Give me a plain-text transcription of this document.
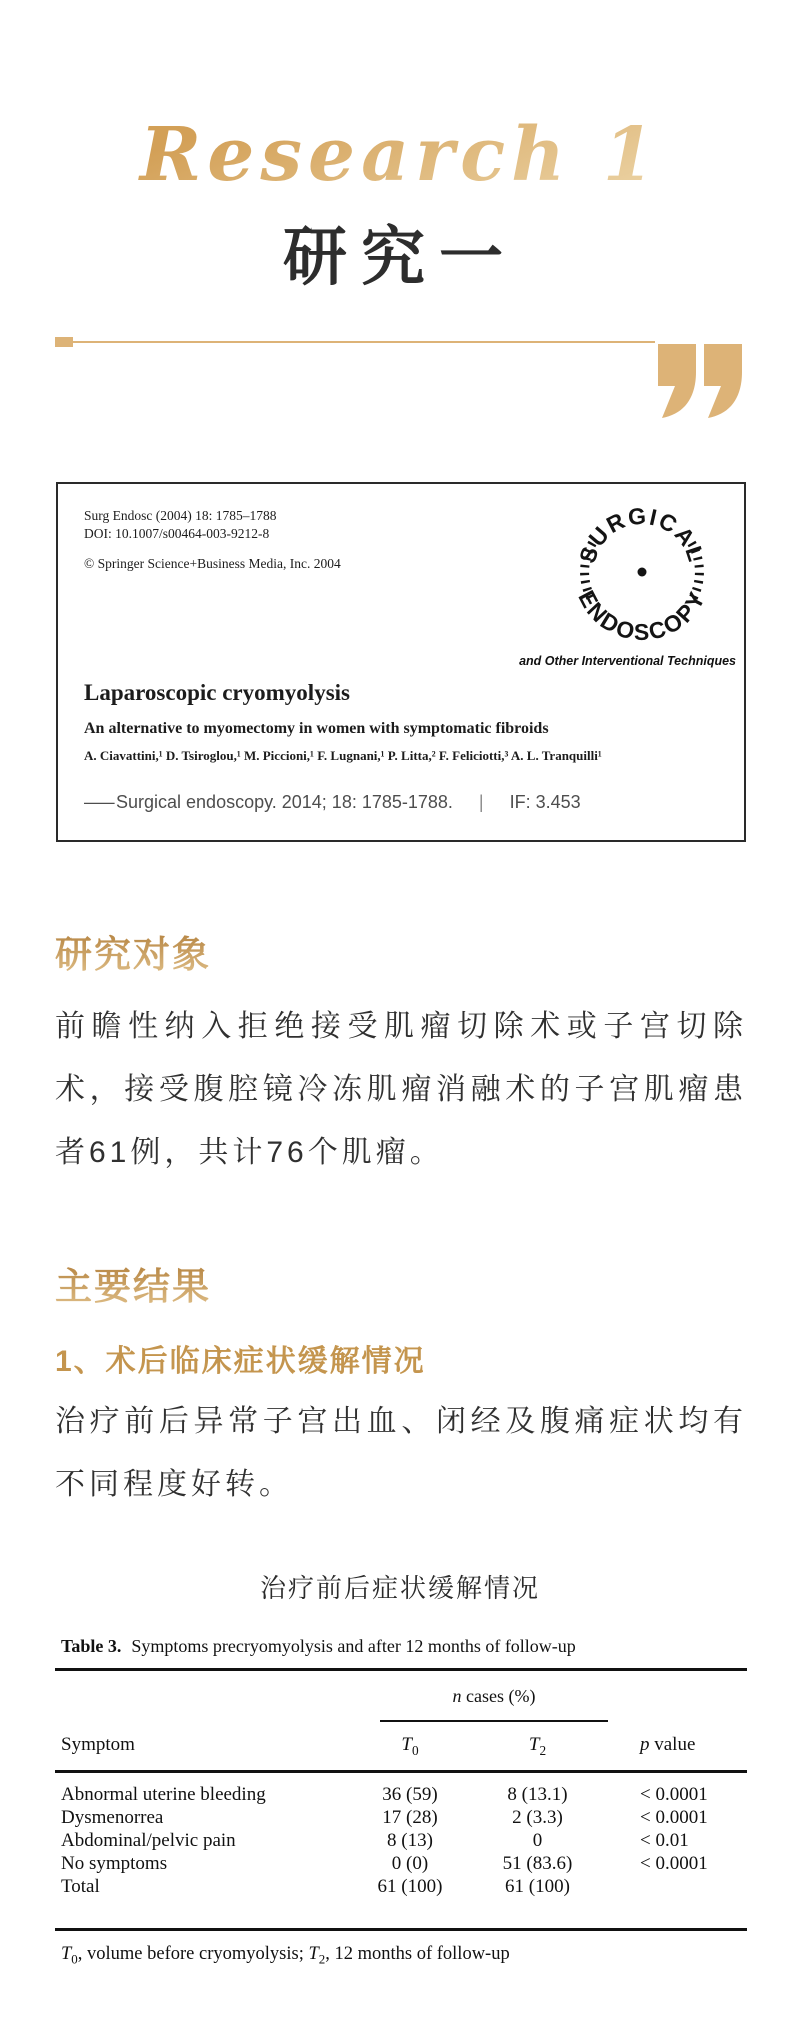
Research 1
研究一
Surg Endosc (2004) 18: 1785–1788
DOI: 10.1007/s00464-003-9212-8
© Springer Science+Business Media, Inc. 2004	SURGICAL
ENDOSCOPY
and Other Interventional Techniques
Laparoscopic cryomyolysis
An alternative to myomectomy in women with symptomatic fibroids
A. Ciavattini,¹ D. Tsiroglou,¹ M. Piccioni,¹ F. Lugnani,¹ P. Litta,² F. Feliciotti,³ A. L. Tranquilli¹
—Surgical endoscopy. 2014; 18: 1785-1788. | IF: 3.453
研究对象
前瞻性纳入拒绝接受肌瘤切除术或子宫切除术，接受腹腔镜冷冻肌瘤消融术的子宫肌瘤患者61例，共计76个肌瘤。
主要结果
1、术后临床症状缓解情况
治疗前后异常子宫出血、闭经及腹痛症状均有不同程度好转。
治疗前后症状缓解情况
Table 3. Symptoms precryomyolysis and after 12 months of follow-up
n cases (%)
Symptom	$T_0$	$T_2$	p value
Abnormal uterine bleeding	36 (59)	8 (13.1)	< 0.0001
Dysmenorrea	17 (28)	2 (3.3)	< 0.0001
Abdominal/pelvic pain	8 (13)	0	< 0.01
No symptoms	0 (0)	51 (83.6)	< 0.0001
Total	61 (100)	61 (100)
$T_0$, volume before cryomyolysis; $T_2$, 12 months of follow-up
